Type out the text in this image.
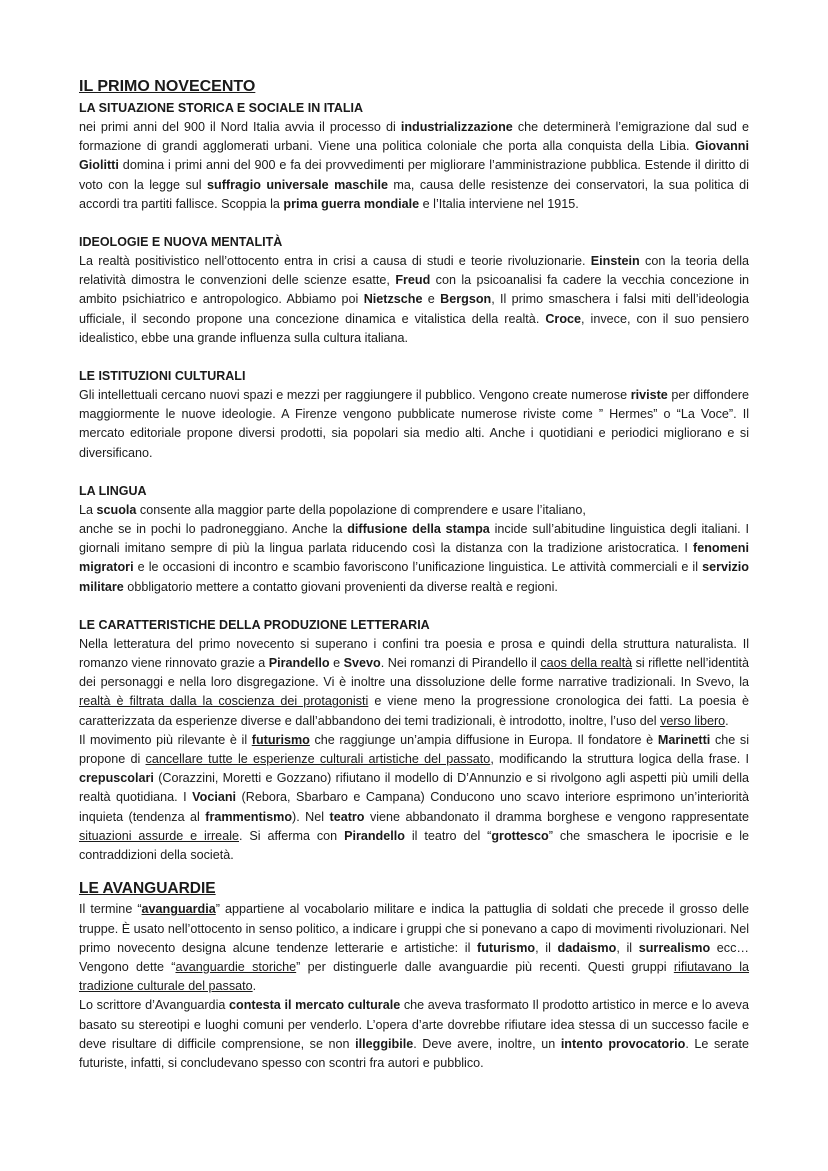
IL PRIMO NOVECENTO
LA SITUAZIONE STORICA E SOCIALE IN ITALIA

nei primi anni del 900 il Nord Italia avvia il processo di industrializzazione che determinerà l’emigrazione dal sud e formazione di grandi agglomerati urbani. Viene una politica coloniale che porta alla conquista della Libia. Giovanni Giolitti domina i primi anni del 900 e fa dei provvedimenti per migliorare l’amministrazione pubblica. Estende il diritto di voto con la legge sul suffragio universale maschile ma, causa delle resistenze dei conservatori, la sua politica di accordi tra partiti fallisce. Scoppia la prima guerra mondiale e l’Italia interviene nel 1915.

IDEOLOGIE E NUOVA MENTALITÀ

La realtà positivistico nell’ottocento entra in crisi a causa di studi e teorie rivoluzionarie. Einstein con la teoria della relatività dimostra le convenzioni delle scienze esatte, Freud con la psicoanalisi fa cadere la vecchia concezione in ambito psichiatrico e antropologico. Abbiamo poi Nietzsche e Bergson, Il primo smaschera i falsi miti dell’ideologia ufficiale, il secondo propone una concezione dinamica e vitalistica della realtà. Croce, invece, con il suo pensiero idealistico, ebbe una grande influenza sulla cultura italiana.

LE ISTITUZIONI CULTURALI

Gli intellettuali cercano nuovi spazi e mezzi per raggiungere il pubblico. Vengono create numerose riviste per diffondere maggiormente le nuove ideologie. A Firenze vengono pubblicate numerose riviste come ” Hermes” o “La Voce”. Il mercato editoriale propone diversi prodotti, sia popolari sia medio alti. Anche i quotidiani e periodici migliorano e si diversificano.

LA LINGUA

La scuola consente alla maggior parte della popolazione di comprendere e usare l’italiano,

anche se in pochi lo padroneggiano. Anche la diffusione della stampa incide sull’abitudine linguistica degli italiani. I giornali imitano sempre di più la lingua parlata riducendo così la distanza con la tradizione aristocratica. I fenomeni migratori e le occasioni di incontro e scambio favoriscono l’unificazione linguistica. Le attività commerciali e il servizio militare obbligatorio mettere a contatto giovani provenienti da diverse realtà e regioni.

LE CARATTERISTICHE DELLA PRODUZIONE LETTERARIA

Nella letteratura del primo novecento si superano i confini tra poesia e prosa e quindi della struttura naturalista. Il romanzo viene rinnovato grazie a Pirandello e Svevo. Nei romanzi di Pirandello il caos della realtà si riflette nell’identità dei personaggi e nella loro disgregazione. Vi è inoltre una dissoluzione delle forme narrative tradizionali. In Svevo, la realtà è filtrata dalla la coscienza dei protagonisti e viene meno la progressione cronologica dei fatti. La poesia è caratterizzata da esperienze diverse e dall’abbandono dei temi tradizionali, è introdotto, inoltre, l’uso del verso libero.

Il movimento più rilevante è il futurismo che raggiunge un’ampia diffusione in Europa. Il fondatore è Marinetti che si propone di cancellare tutte le esperienze culturali artistiche del passato, modificando la struttura logica della frase. I crepuscolari (Corazzini, Moretti e Gozzano) rifiutano il modello di D’Annunzio e si rivolgono agli aspetti più umili della realtà quotidiana. I Vociani (Rebora, Sbarbaro e Campana) Conducono uno scavo interiore esprimono un’interiorità inquieta (tendenza al frammentismo). Nel teatro viene abbandonato il dramma borghese e vengono rappresentate situazioni assurde e irreale. Si afferma con Pirandello il teatro del “grottesco” che smaschera le ipocrisie e le contraddizioni della società.

LE AVANGUARDIE

Il termine “avanguardia” appartiene al vocabolario militare e indica la pattuglia di soldati che precede il grosso delle truppe. È usato nell’ottocento in senso politico, a indicare i gruppi che si ponevano a capo di movimenti rivoluzionari. Nel primo novecento designa alcune tendenze letterarie e artistiche: il futurismo, il dadaismo, il surrealismo ecc… Vengono dette “avanguardie storiche” per distinguerle dalle avanguardie più recenti. Questi gruppi rifiutavano la tradizione culturale del passato.

Lo scrittore d’Avanguardia contesta il mercato culturale che aveva trasformato Il prodotto artistico in merce e lo aveva basato su stereotipi e luoghi comuni per venderlo. L’opera d’arte dovrebbe rifiutare idea stessa di un successo facile e deve risultare di difficile comprensione, se non illeggibile. Deve avere, inoltre, un intento provocatorio. Le serate futuriste, infatti, si concludevano spesso con scontri fra autori e pubblico.
